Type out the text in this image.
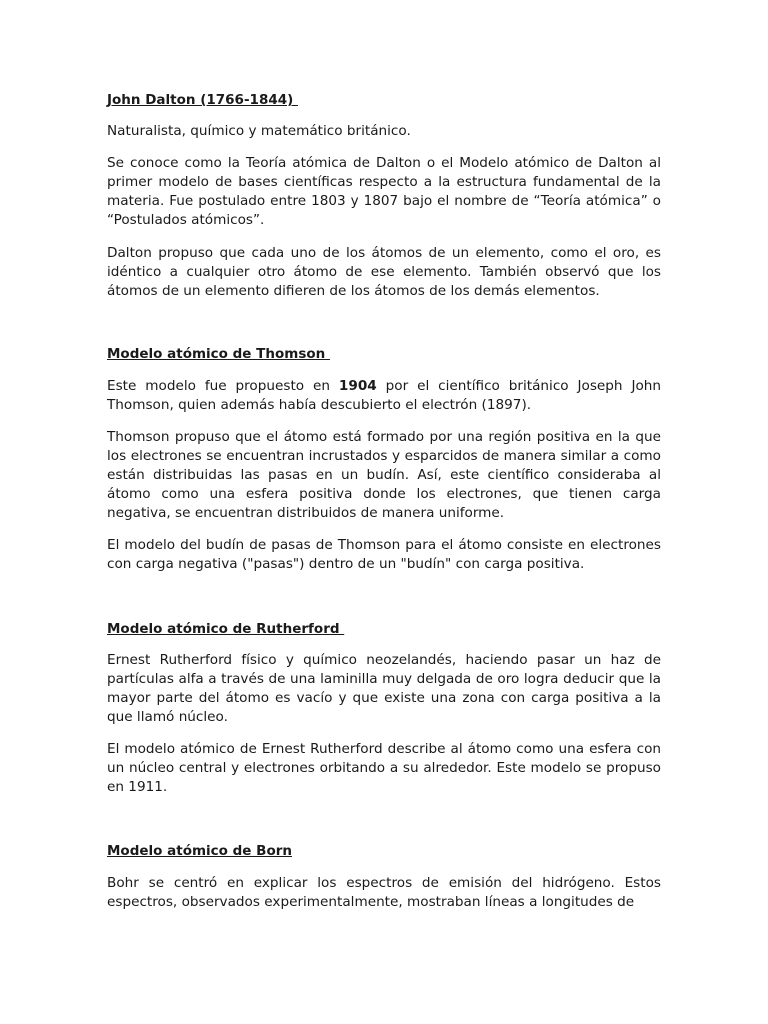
John Dalton (1766-1844)

Naturalista, químico y matemático británico.

Se conoce como la Teoría atómica de Dalton o el Modelo atómico de Dalton al primer modelo de bases científicas respecto a la estructura fundamental de la materia. Fue postulado entre 1803 y 1807 bajo el nombre de “Teoría atómica” o “Postulados atómicos”.

Dalton propuso que cada uno de los átomos de un elemento, como el oro, es idéntico a cualquier otro átomo de ese elemento. También observó que los átomos de un elemento difieren de los átomos de los demás elementos.

Modelo atómico de Thomson

Este modelo fue propuesto en 1904 por el científico británico Joseph John Thomson, quien además había descubierto el electrón (1897).

Thomson propuso que el átomo está formado por una región positiva en la que los electrones se encuentran incrustados y esparcidos de manera similar a como están distribuidas las pasas en un budín. Así, este científico consideraba al átomo como una esfera positiva donde los electrones, que tienen carga negativa, se encuentran distribuidos de manera uniforme.

El modelo del budín de pasas de Thomson para el átomo consiste en electrones con carga negativa ("pasas") dentro de un "budín" con carga positiva.

Modelo atómico de Rutherford

Ernest Rutherford físico y químico neozelandés, haciendo pasar un haz de partículas alfa a través de una laminilla muy delgada de oro logra deducir que la mayor parte del átomo es vacío y que existe una zona con carga positiva a la que llamó núcleo.

El modelo atómico de Ernest Rutherford describe al átomo como una esfera con un núcleo central y electrones orbitando a su alrededor. Este modelo se propuso en 1911.

Modelo atómico de Born

Bohr se centró en explicar los espectros de emisión del hidrógeno. Estos espectros, observados experimentalmente, mostraban líneas a longitudes de
